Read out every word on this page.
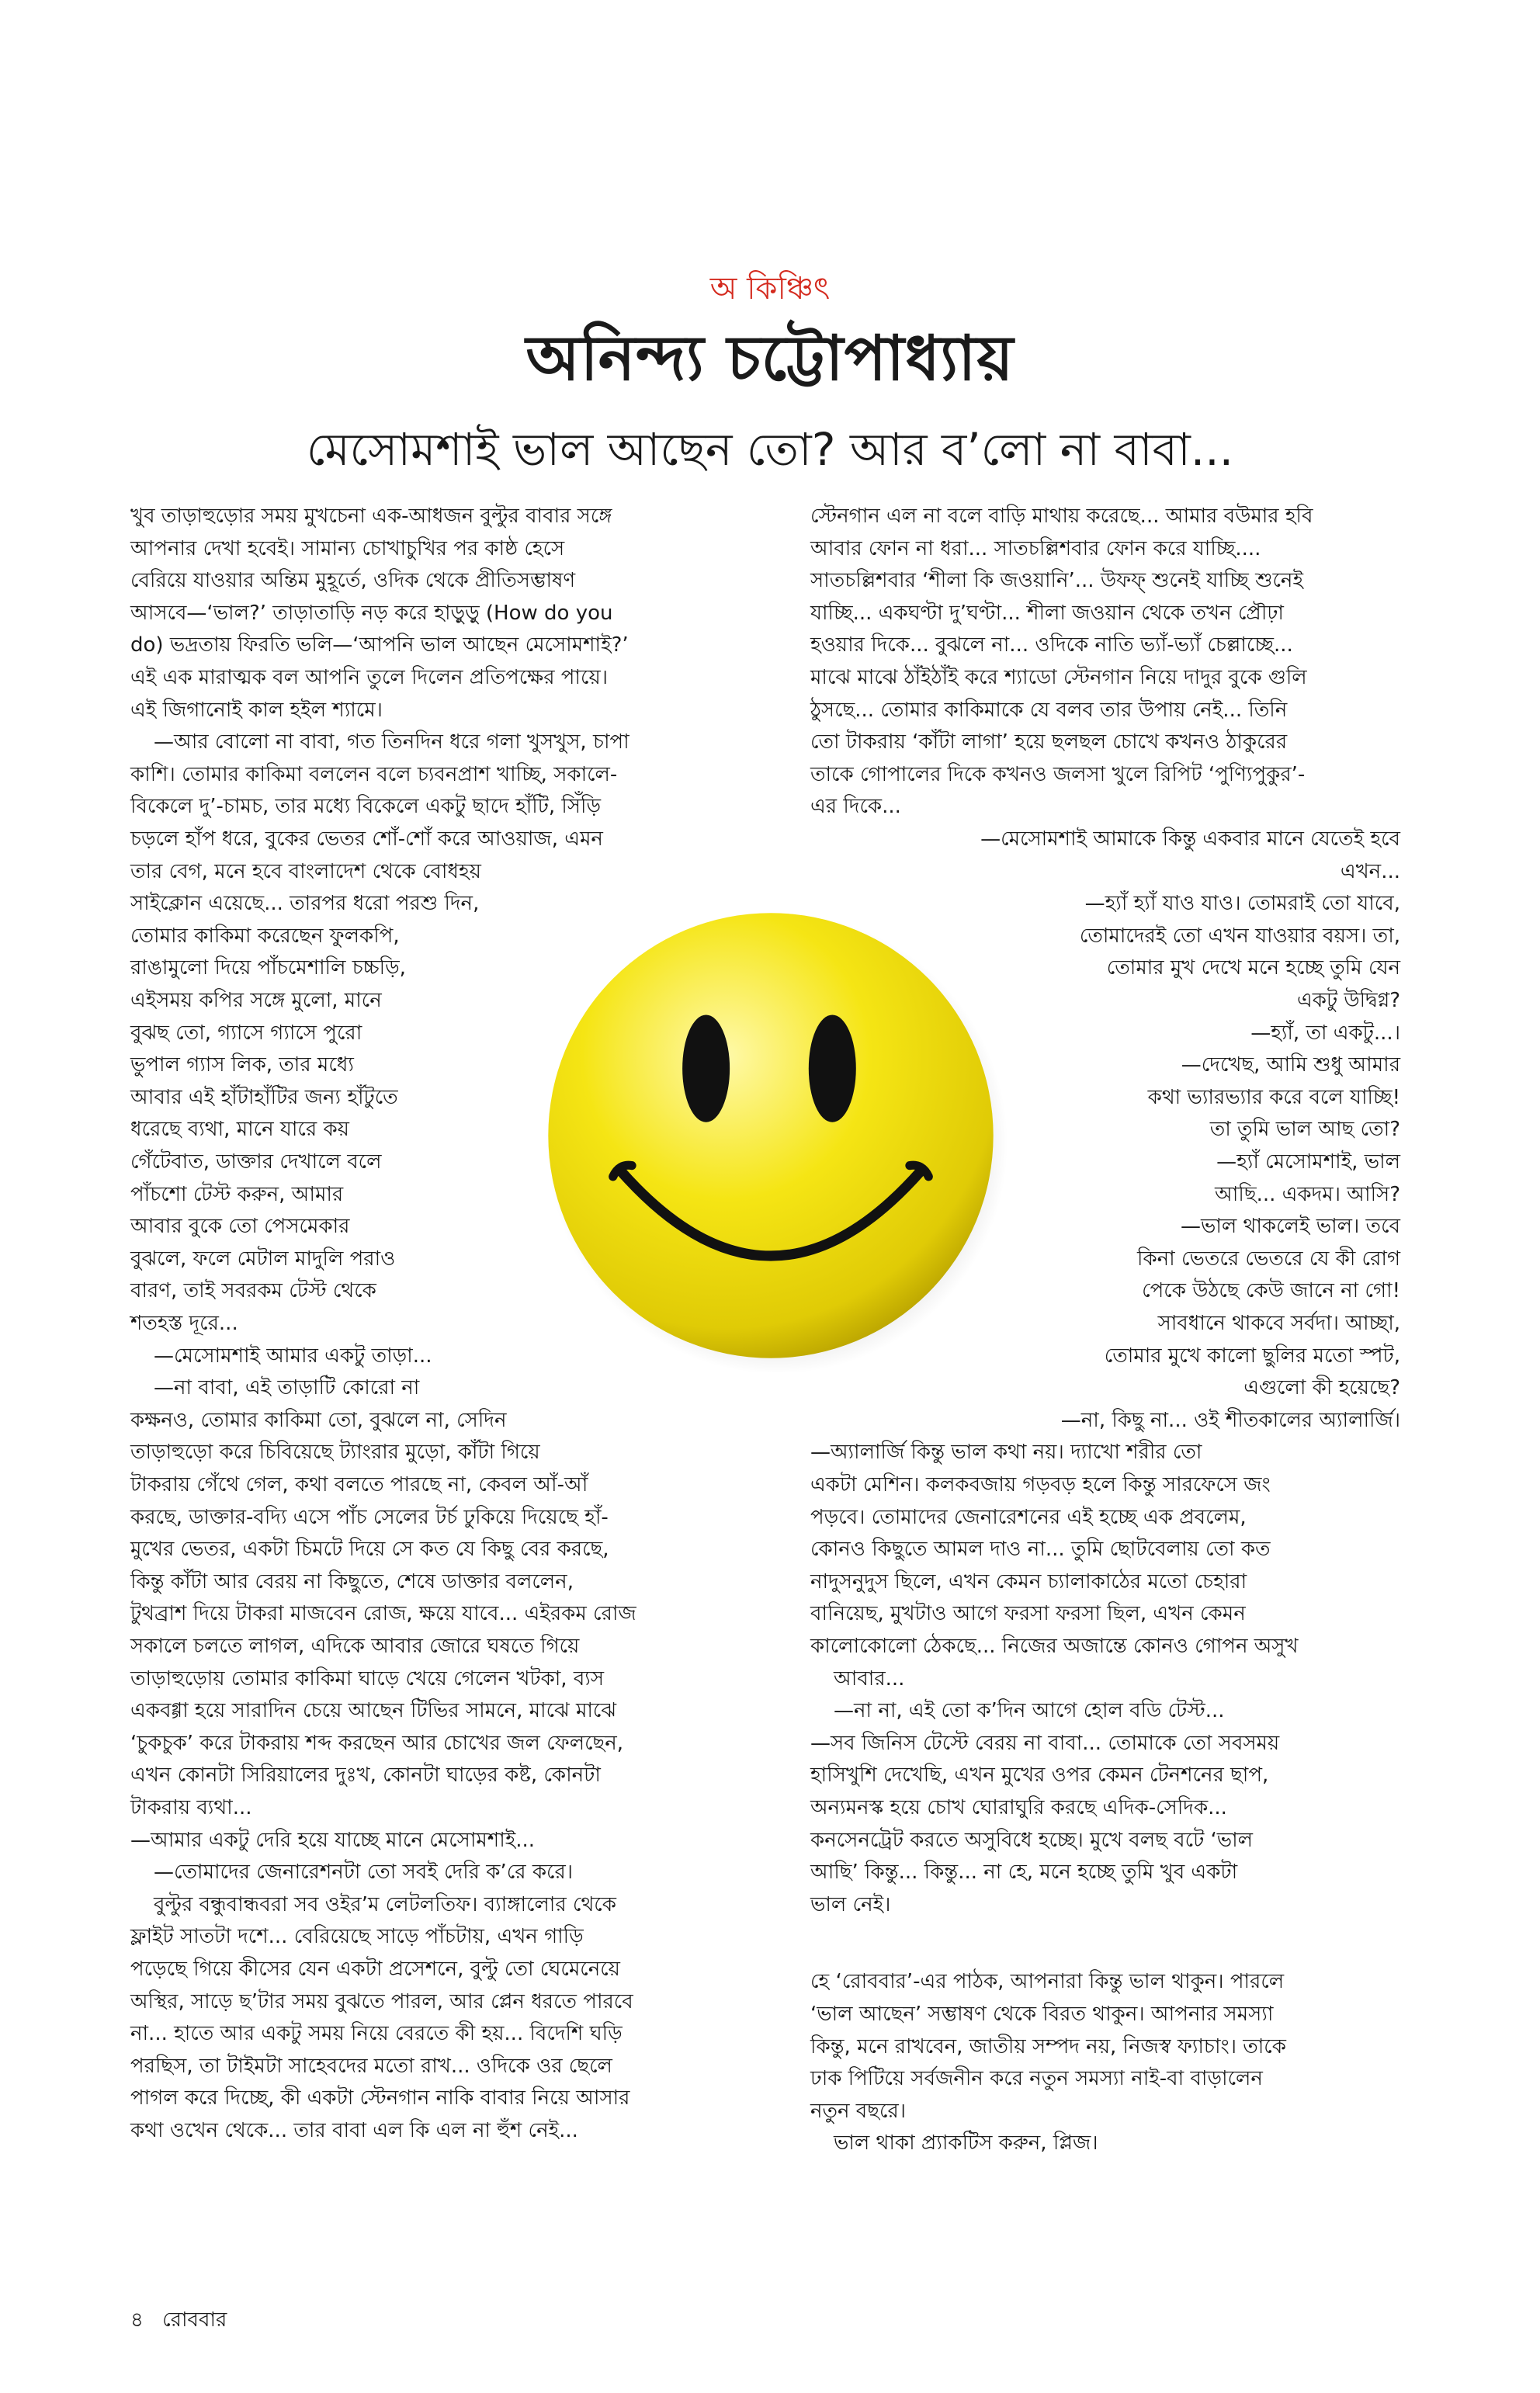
অ কিঞ্চিৎ
অনিন্দ্য চট্টোপাধ্যায়
মেসোমশাই ভাল আছেন তো? আর ব’লো না বাবা...
খুব তাড়াহুড়োর সময় মুখচেনা এক-আধজন বুল্টুর বাবার সঙ্গে
আপনার দেখা হবেই। সামান্য চোখাচুখির পর কাষ্ঠ হেসে
বেরিয়ে যাওয়ার অন্তিম মুহূর্তে, ওদিক থেকে প্রীতিসম্ভাষণ
আসবে—‘ভাল?’ তাড়াতাড়ি নড় করে হাড়ুড়ু (How do you
do) ভদ্রতায় ফিরতি ভলি—‘আপনি ভাল আছেন মেসোমশাই?’
এই এক মারাত্মক বল আপনি তুলে দিলেন প্রতিপক্ষের পায়ে।
এই জিগানোই কাল হইল শ্যামে।
—আর বোলো না বাবা, গত তিনদিন ধরে গলা খুসখুস, চাপা
কাশি। তোমার কাকিমা বললেন বলে চ্যবনপ্রাশ খাচ্ছি, সকালে-
বিকেলে দু’-চামচ, তার মধ্যে বিকেলে একটু ছাদে হাঁটি, সিঁড়ি
চড়লে হাঁপ ধরে, বুকের ভেতর শোঁ-শোঁ করে আওয়াজ, এমন
তার বেগ, মনে হবে বাংলাদেশ থেকে বোধহয়
সাইক্লোন এয়েছে... তারপর ধরো পরশু দিন,
তোমার কাকিমা করেছেন ফুলকপি,
রাঙামুলো দিয়ে পাঁচমেশালি চচ্চড়ি,
এইসময় কপির সঙ্গে মুলো, মানে
বুঝছ তো, গ্যাসে গ্যাসে পুরো
ভুপাল গ্যাস লিক, তার মধ্যে
আবার এই হাঁটাহাঁটির জন্য হাঁটুতে
ধরেছে ব্যথা, মানে যারে কয়
গেঁটেবাত, ডাক্তার দেখালে বলে
পাঁচশো টেস্ট করুন, আমার
আবার বুকে তো পেসমেকার
বুঝলে, ফলে মেটাল মাদুলি পরাও
বারণ, তাই সবরকম টেস্ট থেকে
শতহস্ত দূরে...
—মেসোমশাই আমার একটু তাড়া...
—না বাবা, এই তাড়াটি কোরো না
কক্ষনও, তোমার কাকিমা তো, বুঝলে না, সেদিন
তাড়াহুড়ো করে চিবিয়েছে ট্যাংরার মুড়ো, কাঁটা গিয়ে
টাকরায় গেঁথে গেল, কথা বলতে পারছে না, কেবল আঁ-আঁ
করছে, ডাক্তার-বদ্যি এসে পাঁচ সেলের টর্চ ঢুকিয়ে দিয়েছে হাঁ-
মুখের ভেতর, একটা চিমটে দিয়ে সে কত যে কিছু বের করছে,
কিন্তু কাঁটা আর বেরয় না কিছুতে, শেষে ডাক্তার বললেন,
টুথব্রাশ দিয়ে টাকরা মাজবেন রোজ, ক্ষয়ে যাবে... এইরকম রোজ
সকালে চলতে লাগল, এদিকে আবার জোরে ঘষতে গিয়ে
তাড়াহুড়োয় তোমার কাকিমা ঘাড়ে খেয়ে গেলেন খটকা, ব্যস
একবগ্গা হয়ে সারাদিন চেয়ে আছেন টিভির সামনে, মাঝে মাঝে
‘চুকচুক’ করে টাকরায় শব্দ করছেন আর চোখের জল ফেলছেন,
এখন কোনটা সিরিয়ালের দুঃখ, কোনটা ঘাড়ের কষ্ট, কোনটা
টাকরায় ব্যথা...
—আমার একটু দেরি হয়ে যাচ্ছে মানে মেসোমশাই...
—তোমাদের জেনারেশনটা তো সবই দেরি ক’রে করে।
বুল্টুর বন্ধুবান্ধবরা সব ওইর’ম লেটলতিফ। ব্যাঙ্গালোর থেকে
ফ্লাইট সাতটা দশে... বেরিয়েছে সাড়ে পাঁচটায়, এখন গাড়ি
পড়েছে গিয়ে কীসের যেন একটা প্রসেশনে, বুল্টু তো ঘেমেনেয়ে
অস্থির, সাড়ে ছ’টার সময় বুঝতে পারল, আর প্লেন ধরতে পারবে
না... হাতে আর একটু সময় নিয়ে বেরতে কী হয়... বিদেশি ঘড়ি
পরছিস, তা টাইমটা সাহেবদের মতো রাখ... ওদিকে ওর ছেলে
পাগল করে দিচ্ছে, কী একটা স্টেনগান নাকি বাবার নিয়ে আসার
কথা ওখেন থেকে... তার বাবা এল কি এল না হুঁশ নেই...
স্টেনগান এল না বলে বাড়ি মাথায় করেছে... আমার বউমার হবি
আবার ফোন না ধরা... সাতচল্লিশবার ফোন করে যাচ্ছি....
সাতচল্লিশবার ‘শীলা কি জওয়ানি’... উফফ্ শুনেই যাচ্ছি শুনেই
যাচ্ছি... একঘণ্টা দু’ঘণ্টা... শীলা জওয়ান থেকে তখন প্রৌঢ়া
হওয়ার দিকে... বুঝলে না... ওদিকে নাতি ভ্যাঁ-ভ্যাঁ চেল্লাচ্ছে...
মাঝে মাঝে ঠাঁইঠাঁই করে শ্যাডো স্টেনগান নিয়ে দাদুর বুকে গুলি
ঠুসছে... তোমার কাকিমাকে যে বলব তার উপায় নেই... তিনি
তো টাকরায় ‘কাঁটা লাগা’ হয়ে ছলছল চোখে কখনও ঠাকুরের
তাকে গোপালের দিকে কখনও জলসা খুলে রিপিট ‘পুণ্যিপুকুর’-
এর দিকে...
—মেসোমশাই আমাকে কিন্তু একবার মানে যেতেই হবে
এখন...
—হ্যাঁ হ্যাঁ যাও যাও। তোমরাই তো যাবে,
তোমাদেরই তো এখন যাওয়ার বয়স। তা,
তোমার মুখ দেখে মনে হচ্ছে তুমি যেন
একটু উদ্বিগ্ন?
—হ্যাঁ, তা একটু...।
—দেখেছ, আমি শুধু আমার
কথা ভ্যারভ্যার করে বলে যাচ্ছি!
তা তুমি ভাল আছ তো?
—হ্যাঁ মেসোমশাই, ভাল
আছি... একদম। আসি?
—ভাল থাকলেই ভাল। তবে
কিনা ভেতরে ভেতরে যে কী রোগ
পেকে উঠছে কেউ জানে না গো!
সাবধানে থাকবে সর্বদা। আচ্ছা,
তোমার মুখে কালো ছুলির মতো স্পট,
এগুলো কী হয়েছে?
—না, কিছু না... ওই শীতকালের অ্যালার্জি।
—অ্যালার্জি কিন্তু ভাল কথা নয়। দ্যাখো শরীর তো
একটা মেশিন। কলকবজায় গড়বড় হলে কিন্তু সারফেসে জং
পড়বে। তোমাদের জেনারেশনের এই হচ্ছে এক প্রবলেম,
কোনও কিছুতে আমল দাও না... তুমি ছোটবেলায় তো কত
নাদুসনুদুস ছিলে, এখন কেমন চ্যালাকাঠের মতো চেহারা
বানিয়েছ, মুখটাও আগে ফরসা ফরসা ছিল, এখন কেমন
কালোকোলো ঠেকছে... নিজের অজান্তে কোনও গোপন অসুখ
আবার...
—না না, এই তো ক’দিন আগে হোল বডি টেস্ট...
—সব জিনিস টেস্টে বেরয় না বাবা... তোমাকে তো সবসময়
হাসিখুশি দেখেছি, এখন মুখের ওপর কেমন টেনশনের ছাপ,
অন্যমনস্ক হয়ে চোখ ঘোরাঘুরি করছে এদিক-সেদিক...
কনসেনট্রেট করতে অসুবিধে হচ্ছে। মুখে বলছ বটে ‘ভাল
আছি’ কিন্তু... কিন্তু... না হে, মনে হচ্ছে তুমি খুব একটা
ভাল নেই।
হে ‘রোববার’-এর পাঠক, আপনারা কিন্তু ভাল থাকুন। পারলে
‘ভাল আছেন’ সম্ভাষণ থেকে বিরত থাকুন। আপনার সমস্যা
কিন্তু, মনে রাখবেন, জাতীয় সম্পদ নয়, নিজস্ব ফ্যাচাং। তাকে
ঢাক পিটিয়ে সর্বজনীন করে নতুন সমস্যা নাই-বা বাড়ালেন
নতুন বছরে।
ভাল থাকা প্র্যাকটিস করুন, প্লিজ।
৪ রোববার
